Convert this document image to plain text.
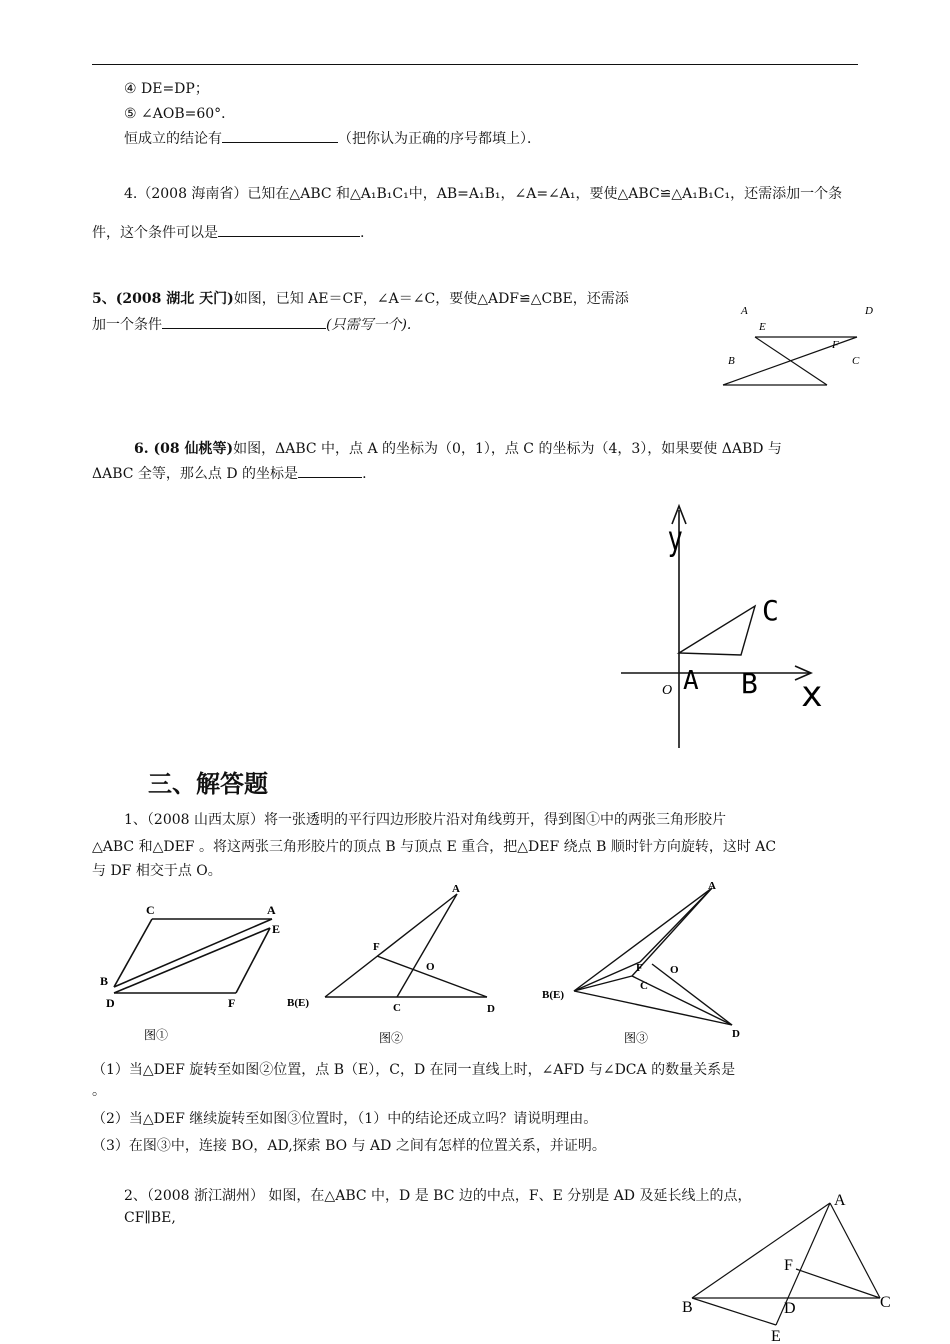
④ DE=DP；
⑤ ∠AOB=60°．
恒成立的结论有	（把你认为正确的序号都填上）．
4.（2008 海南省）已知在△ABC 和△A₁B₁C₁中，AB=A₁B₁，∠A=∠A₁，要使△ABC≌△A₁B₁C₁，还需添加一个条
件，这个条件可以是	.
5、(2008 湖北 天门)如图，已知 AE＝CF，∠A＝∠C，要使△ADF≌△CBE，还需添
加一个条件	(只需写一个).
A	D
E
B
F
C
6. (08 仙桃等)如图，ΔABC 中，点 A 的坐标为（0，1），点 C 的坐标为（4，3），如果要使 ΔABD 与
ΔABC 全等，那么点 D 的坐标是	.
y
x
C
A B
O
三、解答题
1、（2008 山西太原）将一张透明的平行四边形胶片沿对角线剪开，得到图①中的两张三角形胶片
△ABC 和△DEF 。将这两张三角形胶片的顶点 B 与顶点 E 重合，把△DEF 绕点 B 顺时针方向旋转，这时 AC
与 DF 相交于点 O。
C	A
E
B
D	F
图①
A
F
O
B(E)	C	D
图②
A
F O
B(E)
C
D
图③
（1）当△DEF 旋转至如图②位置，点 B（E），C，D 在同一直线上时，∠AFD 与∠DCA 的数量关系是
。
（2）当△DEF 继续旋转至如图③位置时，（1）中的结论还成立吗？请说明理由。
（3）在图③中，连接 BO，AD,探索 BO 与 AD 之间有怎样的位置关系，并证明。
2、（2008 浙江湖州） 如图，在△ABC 中，D 是 BC 边的中点，F、E 分别是 AD 及延长线上的点，
CF∥BE,
A
F
B	D	C
E
